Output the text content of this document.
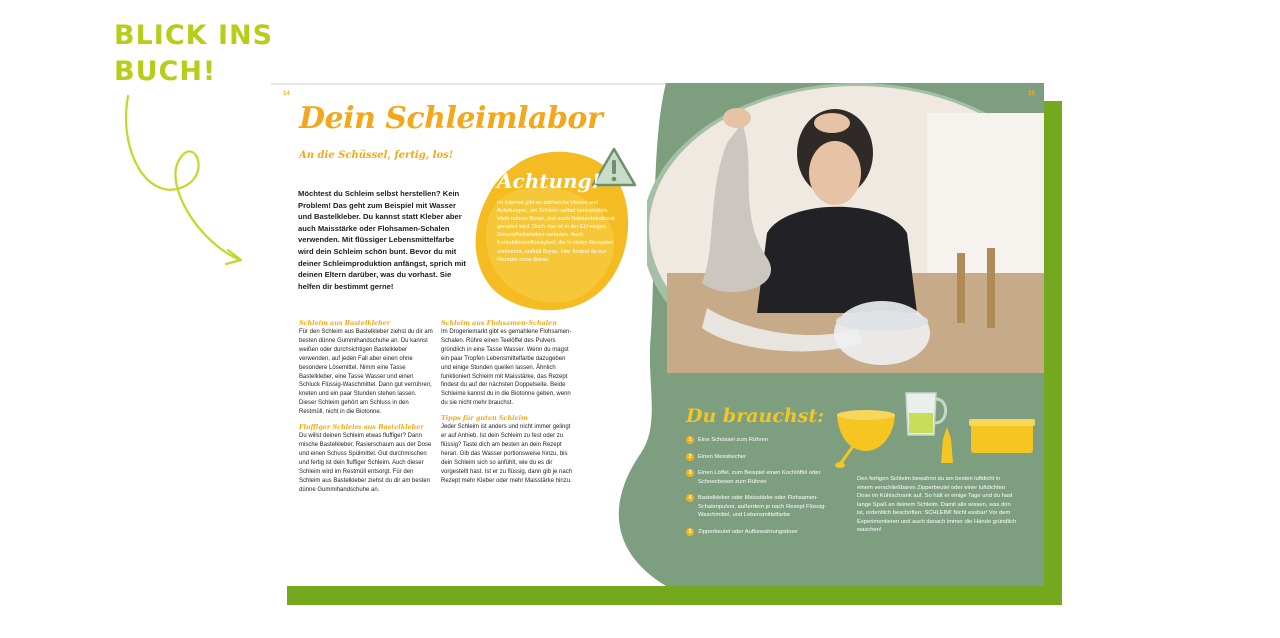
BLICK INS
BUCH!
14	15
Dein Schleimlabor
An die Schüssel, fertig, los!
Möchtest du Schleim selbst herstellen? Kein Problem! Das geht zum Beispiel mit Wasser und Bastelkleber. Du kannst statt Kleber aber auch Maisstärke oder Flohsamen-Schalen verwenden. Mit flüssiger Lebensmittelfarbe wird dein Schleim schön bunt. Bevor du mit deiner Schleimproduktion anfängst, sprich mit deinen Eltern darüber, was du vorhast. Sie helfen dir bestimmt gerne!
Achtung!
Im Internet gibt es zahlreiche Videos und Anleitungen, um Schleim selbst herzustellen. Viele nutzen Borax, das auch Natriumtetraborat genannt wird. Doch das ist in der EU wegen Gesundheitsrisiken verboten. Auch Kontaktlinsenflüssigkeit, die in vielen Rezepten vorkommt, enthält Borax. Hier findest du nur Rezepte ohne Borax.
Schleim aus Bastelkleber

Für den Schleim aus Bastelkleber ziehst du dir am besten dünne Gummihandschuhe an. Du kannst weißen oder durchsichtigen Bastelkleber verwenden, auf jeden Fall aber einen ohne besondere Lösemittel. Nimm eine Tasse Bastelkleber, eine Tasse Wasser und einen Schluck Flüssig-Waschmittel. Dann gut verrühren, kneten und ein paar Stunden stehen lassen. Dieser Schleim gehört am Schluss in den Restmüll, nicht in die Biotonne.

Fluffiger Schleim aus Bastelkleber

Du willst deinen Schleim etwas fluffiger? Dann mische Bastelkleber, Rasierschaum aus der Dose und einen Schuss Spülmittel. Gut durchmischen und fertig ist dein fluffiger Schleim. Auch dieser Schleim wird im Restmüll entsorgt. Für den Schleim aus Bastelkleber ziehst du dir am besten dünne Gummihandschuhe an.

Schleim aus Flohsamen-Schalen

Im Drogeriemarkt gibt es gemahlene Flohsamen-Schalen. Rühre einen Teelöffel des Pulvers gründlich in eine Tasse Wasser. Wenn du magst ein paar Tropfen Lebensmittelfarbe dazugeben und einige Stunden quellen lassen. Ähnlich funktioniert Schleim mit Maisstärke, das Rezept findest du auf der nächsten Doppelseite. Beide Schleime kannst du in die Biotonne geben, wenn du sie nicht mehr brauchst.

Tipps für guten Schleim

Jeder Schleim ist anders und nicht immer gelingt er auf Anhieb. Ist dein Schleim zu fest oder zu flüssig? Taste dich am besten an dein Rezept heran. Gib das Wasser portionsweise hinzu, bis dein Schleim sich so anfühlt, wie du es dir vorgestellt hast. Ist er zu flüssig, dann gib je nach Rezept mehr Kleber oder mehr Maisstärke hinzu.

Du brauchst:
1	Eine Schüssel zum Rühren
2	Einen Messbecher
3	Einen Löffel, zum Beispiel einen Kochlöffel oder Schneebesen zum Rühren
4	Bastelkleber oder Maisstärke oder Flohsamen-Schalenpulver, außerdem je nach Rezept Flüssig-Waschmittel, und Lebensmittelfarbe
5	Zipperbeutel oder Aufbewahrungsdose
Den fertigen Schleim bewahrst du am besten luftdicht in einem verschließbaren Zipperbeutel oder einer luftdichten Dose im Kühlschrank auf. So hält er einige Tage und du hast lange Spaß an deinem Schleim. Damit alle wissen, was drin ist, ordentlich beschriften: SCHLEIM! Nicht essbar! Vor dem Experimentieren und auch danach immer die Hände gründlich waschen!
